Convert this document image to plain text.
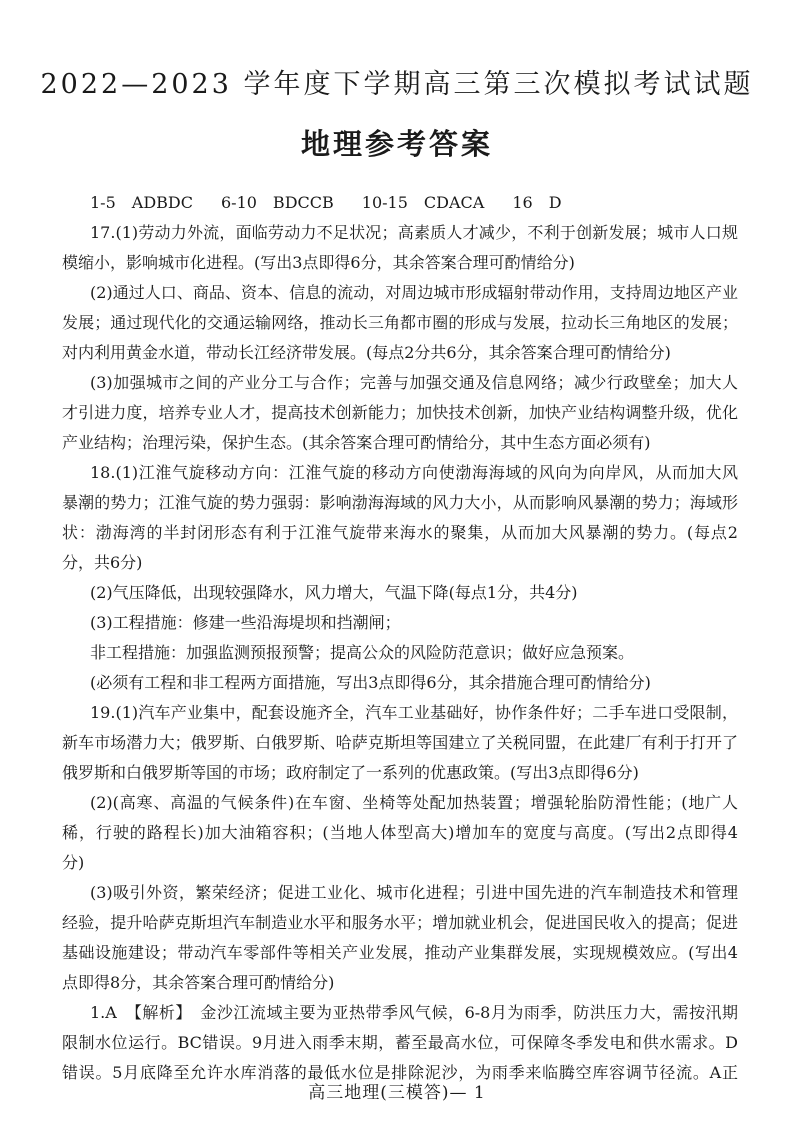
2022—2023 学年度下学期高三第三次模拟考试试题
地理参考答案
1-5　ADBDC 6-10　BDCCB 10-15　CDACA 16　D
17.(1)劳动力外流，面临劳动力不足状况；高素质人才减少，不利于创新发展；城市人口规
模缩小，影响城市化进程。(写出3点即得6分，其余答案合理可酌情给分)
(2)通过人口、商品、资本、信息的流动，对周边城市形成辐射带动作用，支持周边地区产业
发展；通过现代化的交通运输网络，推动长三角都市圈的形成与发展，拉动长三角地区的发展；
对内利用黄金水道，带动长江经济带发展。(每点2分共6分，其余答案合理可酌情给分)
(3)加强城市之间的产业分工与合作；完善与加强交通及信息网络；减少行政壁垒；加大人
才引进力度，培养专业人才，提高技术创新能力；加快技术创新，加快产业结构调整升级，优化
产业结构；治理污染，保护生态。(其余答案合理可酌情给分，其中生态方面必须有)
18.(1)江淮气旋移动方向：江淮气旋的移动方向使渤海海域的风向为向岸风，从而加大风
暴潮的势力；江淮气旋的势力强弱：影响渤海海域的风力大小，从而影响风暴潮的势力；海域形
状：渤海湾的半封闭形态有利于江淮气旋带来海水的聚集，从而加大风暴潮的势力。(每点2
分，共6分)
(2)气压降低，出现较强降水，风力增大，气温下降(每点1分，共4分)
(3)工程措施：修建一些沿海堤坝和挡潮闸；
非工程措施：加强监测预报预警；提高公众的风险防范意识；做好应急预案。
(必须有工程和非工程两方面措施，写出3点即得6分，其余措施合理可酌情给分)
19.(1)汽车产业集中，配套设施齐全，汽车工业基础好，协作条件好；二手车进口受限制，
新车市场潜力大；俄罗斯、白俄罗斯、哈萨克斯坦等国建立了关税同盟，在此建厂有利于打开了
俄罗斯和白俄罗斯等国的市场；政府制定了一系列的优惠政策。(写出3点即得6分)
(2)(高寒、高温的气候条件)在车窗、坐椅等处配加热装置；增强轮胎防滑性能；(地广人
稀，行驶的路程长)加大油箱容积；(当地人体型高大)增加车的宽度与高度。(写出2点即得4
分)
(3)吸引外资，繁荣经济；促进工业化、城市化进程；引进中国先进的汽车制造技术和管理
经验，提升哈萨克斯坦汽车制造业水平和服务水平；增加就业机会，促进国民收入的提高；促进
基础设施建设；带动汽车零部件等相关产业发展，推动产业集群发展，实现规模效应。(写出4
点即得8分，其余答案合理可酌情给分)
1.A　【解析】　金沙江流域主要为亚热带季风气候，6-8月为雨季，防洪压力大，需按汛期
限制水位运行。BC错误。9月进入雨季末期，蓄至最高水位，可保障冬季发电和供水需求。D
错误。5月底降至允许水库消落的最低水位是排除泥沙，为雨季来临腾空库容调节径流。A正
高三地理(三模答)— 1
